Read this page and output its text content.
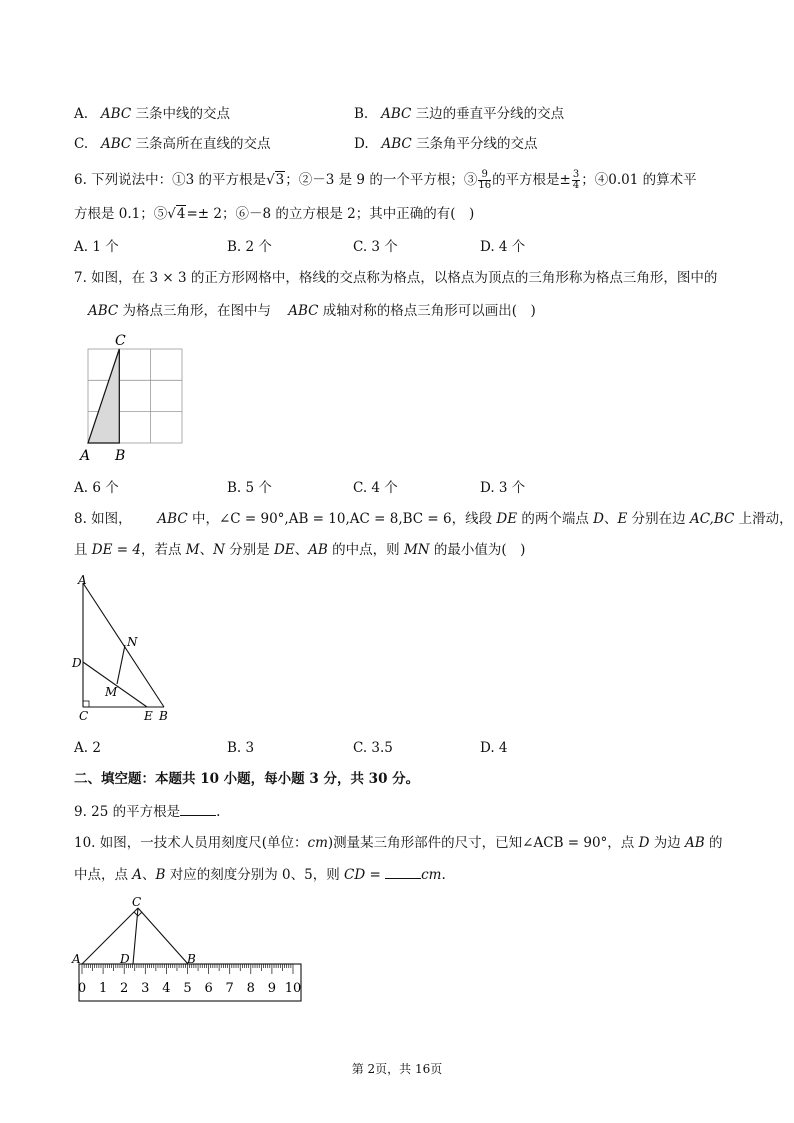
A. ABC 三条中线的交点	B. ABC 三边的垂直平分线的交点
C. ABC 三条高所在直线的交点	D. ABC 三条角平分线的交点
6. 下列说法中：①3 的平方根是√3；②－3 是 9 的一个平方根；③ $\frac{9}{16}$ 的平方根是± $\frac{3}{4}$ ；④0.01 的算术平
方根是 0.1；⑤√4=± 2；⑥－8 的立方根是 2；其中正确的有(　)
A. 1 个	B. 2 个	C. 3 个	D. 4 个
7. 如图，在 3 × 3 的正方形网格中，格线的交点称为格点，以格点为顶点的三角形称为格点三角形，图中的
ABC 为格点三角形，在图中与 ABC 成轴对称的格点三角形可以画出(　)
C
A B
A. 6 个	B. 5 个	C. 4 个	D. 3 个
8. 如图， ABC 中，∠C = 90°,AB = 10,AC = 8,BC = 6，线段 DE 的两个端点 D、E 分别在边 AC,BC 上滑动，
且 DE = 4，若点 M、N 分别是 DE、AB 的中点，则 MN 的最小值为(　)
A
N
D
M
C	E B
A. 2	B. 3	C. 3.5	D. 4
二、填空题：本题共 10 小题，每小题 3 分，共 30 分。
9. 25 的平方根是	.
10. 如图，一技术人员用刻度尺(单位：cm)测量某三角形部件的尺寸，已知∠ACB = 90°，点 D 为边 AB 的
中点，点 A、B 对应的刻度分别为 0、5，则 CD =	cm.
0 1 2 3 4 5 6 7 8 9 10
C
A	D	B
第 2页，共 16页
